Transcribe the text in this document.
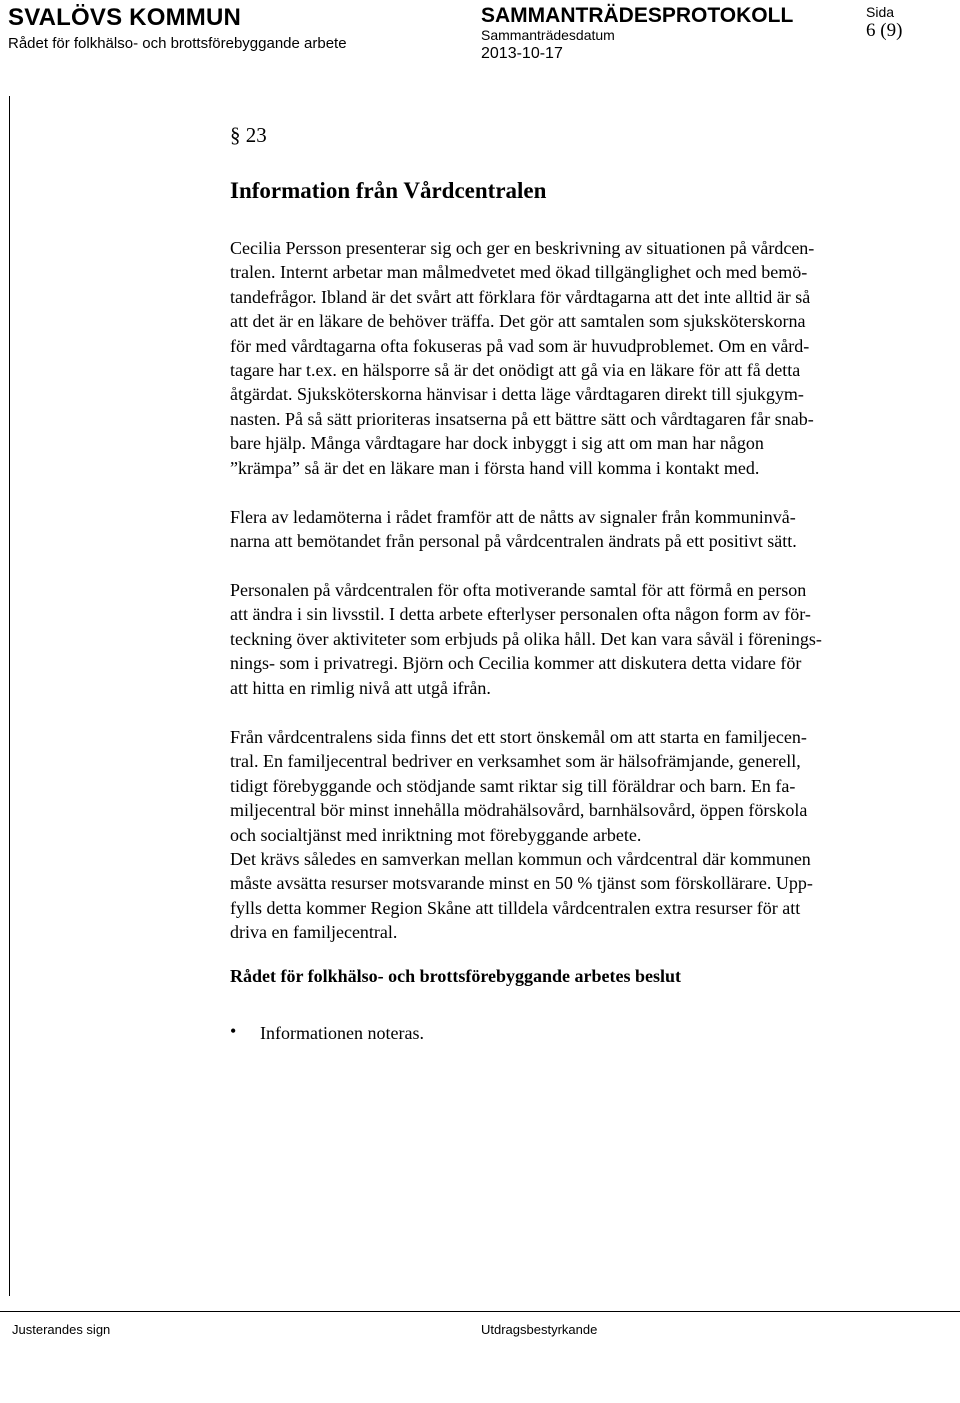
SVALÖVS KOMMUN
Rådet för folkhälso- och brottsförebyggande arbete
SAMMANTRÄDESPROTOKOLL
Sammanträdesdatum
2013-10-17
Sida
6 (9)
§ 23
Information från Vårdcentralen

Cecilia Persson presenterar sig och ger en beskrivning av situationen på vårdcen-

tralen. Internt arbetar man målmedvetet med ökad tillgänglighet och med bemö-

tandefrågor. Ibland är det svårt att förklara för vårdtagarna att det inte alltid är så

att det är en läkare de behöver träffa. Det gör att samtalen som sjuksköterskorna

för med vårdtagarna ofta fokuseras på vad som är huvudproblemet. Om en vård-

tagare har t.ex. en hälsporre så är det onödigt att gå via en läkare för att få detta

åtgärdat. Sjuksköterskorna hänvisar i detta läge vårdtagaren direkt till sjukgym-

nasten. På så sätt prioriteras insatserna på ett bättre sätt och vårdtagaren får snab-

bare hjälp. Många vårdtagare har dock inbyggt i sig att om man har någon

”krämpa” så är det en läkare man i första hand vill komma i kontakt med.

Flera av ledamöterna i rådet framför att de nåtts av signaler från kommuninvå-

narna att bemötandet från personal på vårdcentralen ändrats på ett positivt sätt.

Personalen på vårdcentralen för ofta motiverande samtal för att förmå en person

att ändra i sin livsstil. I detta arbete efterlyser personalen ofta någon form av för-

teckning över aktiviteter som erbjuds på olika håll. Det kan vara såväl i förenings-

nings- som i privatregi. Björn och Cecilia kommer att diskutera detta vidare för

att hitta en rimlig nivå att utgå ifrån.

Från vårdcentralens sida finns det ett stort önskemål om att starta en familjecen-

tral. En familjecentral bedriver en verksamhet som är hälsofrämjande, generell,

tidigt förebyggande och stödjande samt riktar sig till föräldrar och barn. En fa-

miljecentral bör minst innehålla mödrahälsovård, barnhälsovård, öppen förskola

och socialtjänst med inriktning mot förebyggande arbete.

Det krävs således en samverkan mellan kommun och vårdcentral där kommunen

måste avsätta resurser motsvarande minst en 50 % tjänst som förskollärare. Upp-

fylls detta kommer Region Skåne att tilldela vårdcentralen extra resurser för att

driva en familjecentral.

Rådet för folkhälso- och brottsförebyggande arbetes beslut
• Informationen noteras.
Justerandes sign	Utdragsbestyrkande
